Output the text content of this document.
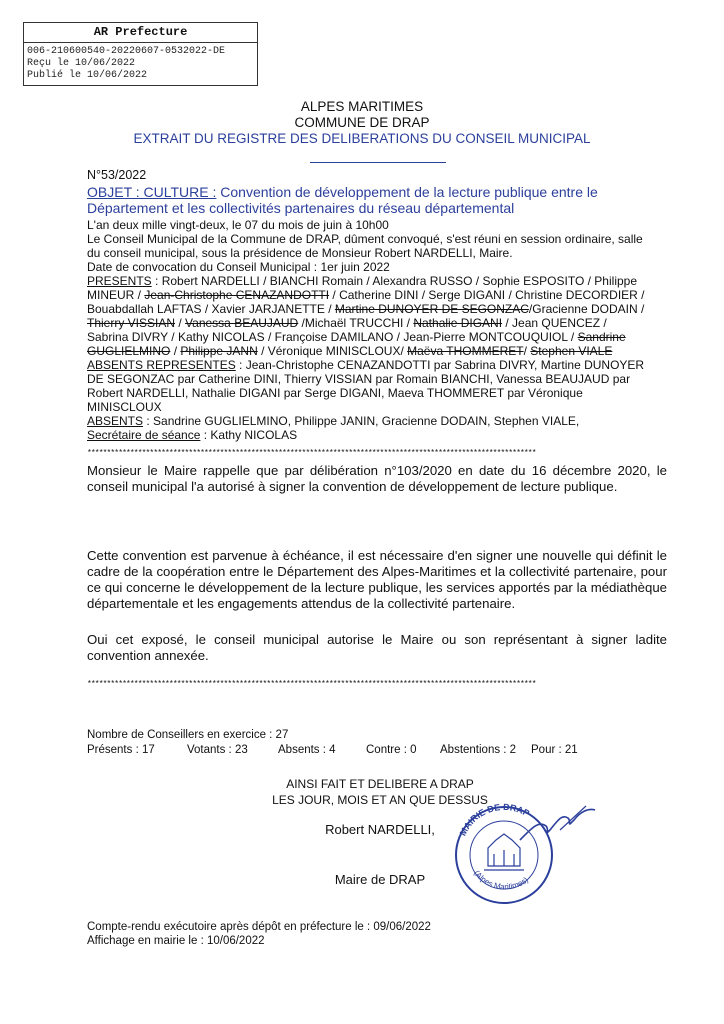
AR Prefecture
006-210600540-20220607-0532022-DE
Reçu le 10/06/2022
Publié le 10/06/2022
ALPES MARITIMES
COMMUNE DE DRAP
EXTRAIT DU REGISTRE DES DELIBERATIONS DU CONSEIL MUNICIPAL
N°53/2022
OBJET : CULTURE : Convention de développement de la lecture publique entre le
Département et les collectivités partenaires du réseau départemental
L'an deux mille vingt-deux, le 07 du mois de juin à 10h00
Le Conseil Municipal de la Commune de DRAP, dûment convoqué, s'est réuni en session ordinaire, salle du conseil municipal, sous la présidence de Monsieur Robert NARDELLI, Maire.
Date de convocation du Conseil Municipal : 1er juin 2022
PRESENTS : Robert NARDELLI / BIANCHI Romain / Alexandra RUSSO / Sophie ESPOSITO / Philippe MINEUR / Jean-Christophe CENAZANDOTTI / Catherine DINI / Serge DIGANI / Christine DECORDIER / Bouabdallah LAFTAS / Xavier JARJANETTE / Martine DUNOYER DE SEGONZAC/Gracienne DODAIN / Thierry VISSIAN / Vanessa BEAUJAUD /Michaël TRUCCHI / Nathalie DIGANI / Jean QUENCEZ / Sabrina DIVRY / Kathy NICOLAS / Françoise DAMILANO / Jean-Pierre MONTCOUQUIOL / Sandrine GUGLIELMINO / Philippe JANN / Véronique MINISCLOUX/ Maëva THOMMERET/ Stephen VIALE
ABSENTS REPRESENTES : Jean-Christophe CENAZANDOTTI par Sabrina DIVRY, Martine DUNOYER DE SEGONZAC par Catherine DINI, Thierry VISSIAN par Romain BIANCHI, Vanessa BEAUJAUD par Robert NARDELLI, Nathalie DIGANI par Serge DIGANI, Maeva THOMMERET par Véronique MINISCLOUX
ABSENTS : Sandrine GUGLIELMINO, Philippe JANIN, Gracienne DODAIN, Stephen VIALE,
Secrétaire de séance : Kathy NICOLAS
*******************************************************************************************************************
Monsieur le Maire rappelle que par délibération n°103/2020 en date du 16 décembre 2020, le conseil municipal l'a autorisé à signer la convention de développement de lecture publique.
Cette convention est parvenue à échéance, il est nécessaire d'en signer une nouvelle qui définit le cadre de la coopération entre le Département des Alpes-Maritimes et la collectivité partenaire, pour ce qui concerne le développement de la lecture publique, les services apportés par la médiathèque départementale et les engagements attendus de la collectivité partenaire.
Oui cet exposé, le conseil municipal autorise le Maire ou son représentant à signer ladite convention annexée.
*******************************************************************************************************************
Nombre de Conseillers en exercice : 27
Présents : 17	Votants : 23	Absents : 4	Contre : 0 Abstentions : 2 Pour : 21
AINSI FAIT ET DELIBERE A DRAP
LES JOUR, MOIS ET AN QUE DESSUS
Robert NARDELLI,
Maire de DRAP
MAIRIE DE DRAP
(Alpes Maritimes)
Compte-rendu exécutoire après dépôt en préfecture le : 09/06/2022
Affichage en mairie le : 10/06/2022
